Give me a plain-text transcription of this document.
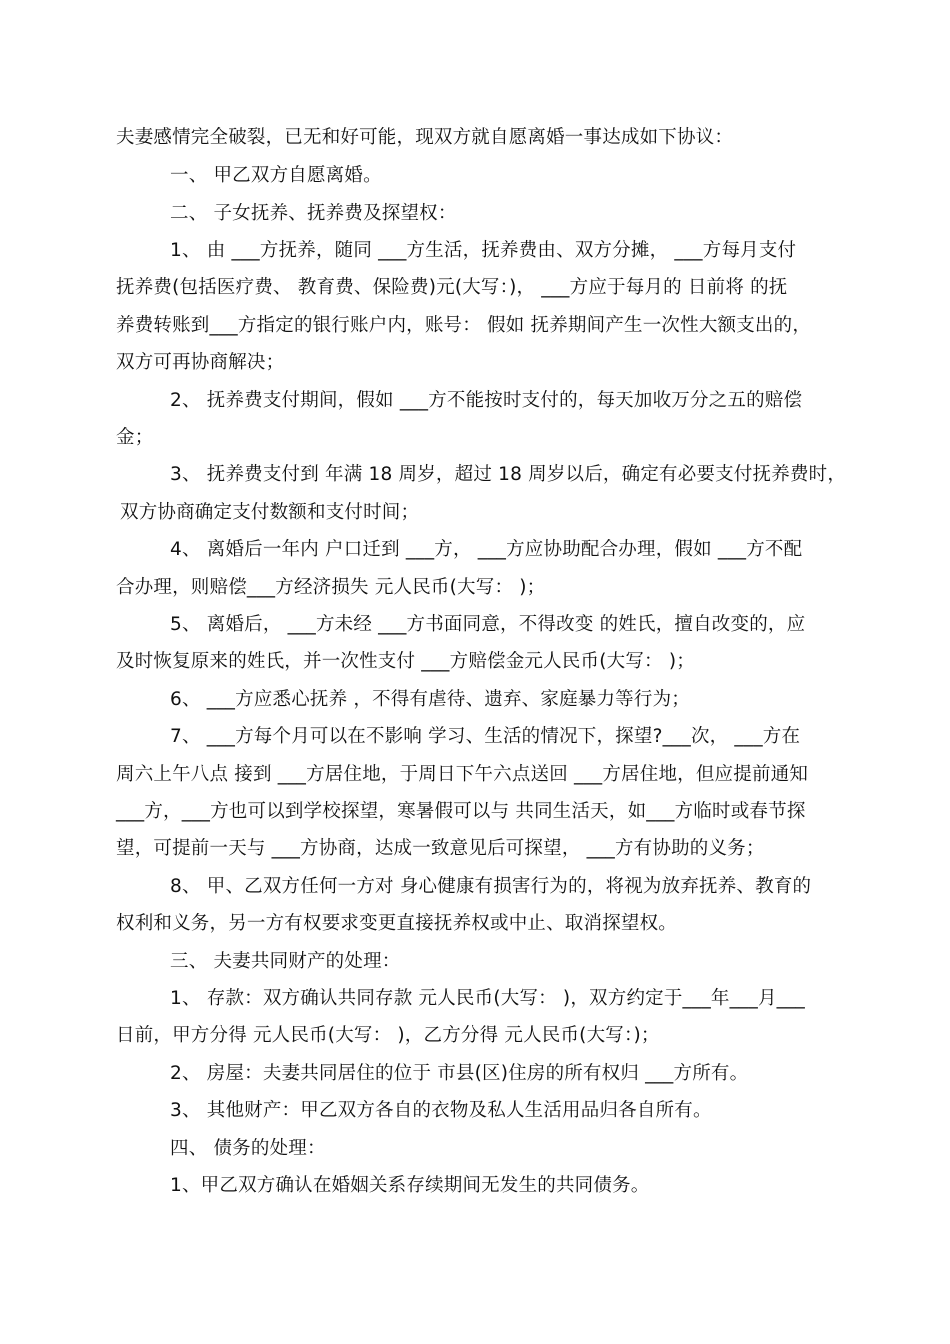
夫妻感情完全破裂，已无和好可能，现双方就自愿离婚一事达成如下协议：
一、 甲乙双方自愿离婚。
二、 子女抚养、抚养费及探望权：
1、 由 ___方抚养，随同 ___方生活，抚养费由、双方分摊， ___方每月支付
抚养费(包括医疗费、 教育费、保险费)元(大写：)， ___方应于每月的 日前将 的抚
养费转账到___方指定的银行账户内，账号： 假如 抚养期间产生一次性大额支出的，
双方可再协商解决；
2、 抚养费支付期间，假如 ___方不能按时支付的，每天加收万分之五的赔偿
金；
3、 抚养费支付到 年满 18 周岁，超过 18 周岁以后，确定有必要支付抚养费时，
双方协商确定支付数额和支付时间；
4、 离婚后一年内 户口迁到 ___方， ___方应协助配合办理，假如 ___方不配
合办理，则赔偿___方经济损失 元人民币(大写： )；
5、 离婚后， ___方未经 ___方书面同意，不得改变 的姓氏，擅自改变的，应
及时恢复原来的姓氏，并一次性支付 ___方赔偿金元人民币(大写： )；
6、 ___方应悉心抚养 ，不得有虐待、遗弃、家庭暴力等行为；
7、 ___方每个月可以在不影响 学习、生活的情况下，探望?___次， ___方在
周六上午八点 接到 ___方居住地，于周日下午六点送回 ___方居住地，但应提前通知
___方，___方也可以到学校探望，寒暑假可以与 共同生活天，如___方临时或春节探
望，可提前一天与 ___方协商，达成一致意见后可探望， ___方有协助的义务；
8、 甲、乙双方任何一方对 身心健康有损害行为的，将视为放弃抚养、教育的
权利和义务，另一方有权要求变更直接抚养权或中止、取消探望权。
三、 夫妻共同财产的处理：
1、 存款：双方确认共同存款 元人民币(大写： )，双方约定于___年___月___
日前，甲方分得 元人民币(大写： )，乙方分得 元人民币(大写：)；
2、 房屋：夫妻共同居住的位于 市县(区)住房的所有权归 ___方所有。
3、 其他财产：甲乙双方各自的衣物及私人生活用品归各自所有。
四、 债务的处理：
1、甲乙双方确认在婚姻关系存续期间无发生的共同债务。
